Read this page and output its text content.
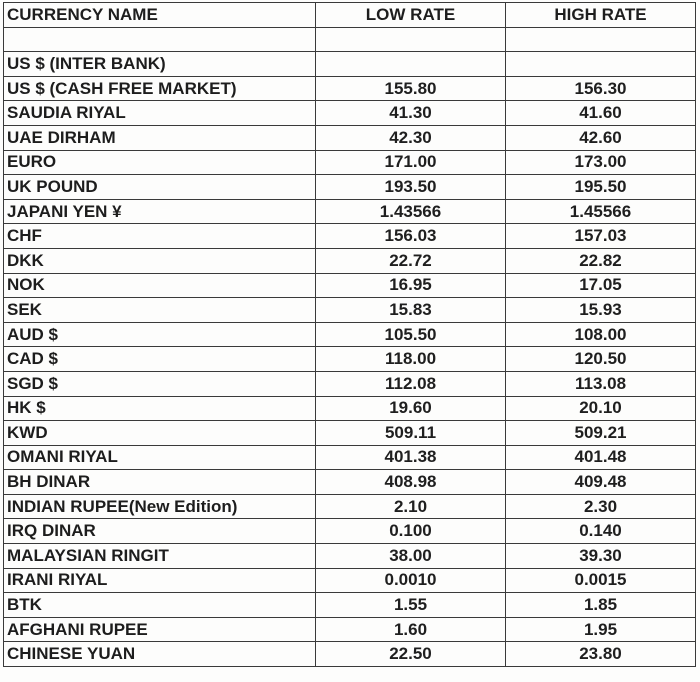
CURRENCY NAME	LOW RATE	HIGH RATE

US $ (INTER BANK)		
US $ (CASH FREE MARKET)	155.80	156.30
SAUDIA RIYAL	41.30	41.60
UAE DIRHAM	42.30	42.60
EURO	171.00	173.00
UK POUND	193.50	195.50
JAPANI YEN ¥	1.43566	1.45566
CHF	156.03	157.03
DKK	22.72	22.82
NOK	16.95	17.05
SEK	15.83	15.93
AUD $	105.50	108.00
CAD $	118.00	120.50
SGD $	112.08	113.08
HK $	19.60	20.10
KWD	509.11	509.21
OMANI RIYAL	401.38	401.48
BH DINAR	408.98	409.48
INDIAN RUPEE(New Edition)	2.10	2.30
IRQ DINAR	0.100	0.140
MALAYSIAN RINGIT	38.00	39.30
IRANI RIYAL	0.0010	0.0015
BTK	1.55	1.85
AFGHANI RUPEE	1.60	1.95
CHINESE YUAN	22.50	23.80
